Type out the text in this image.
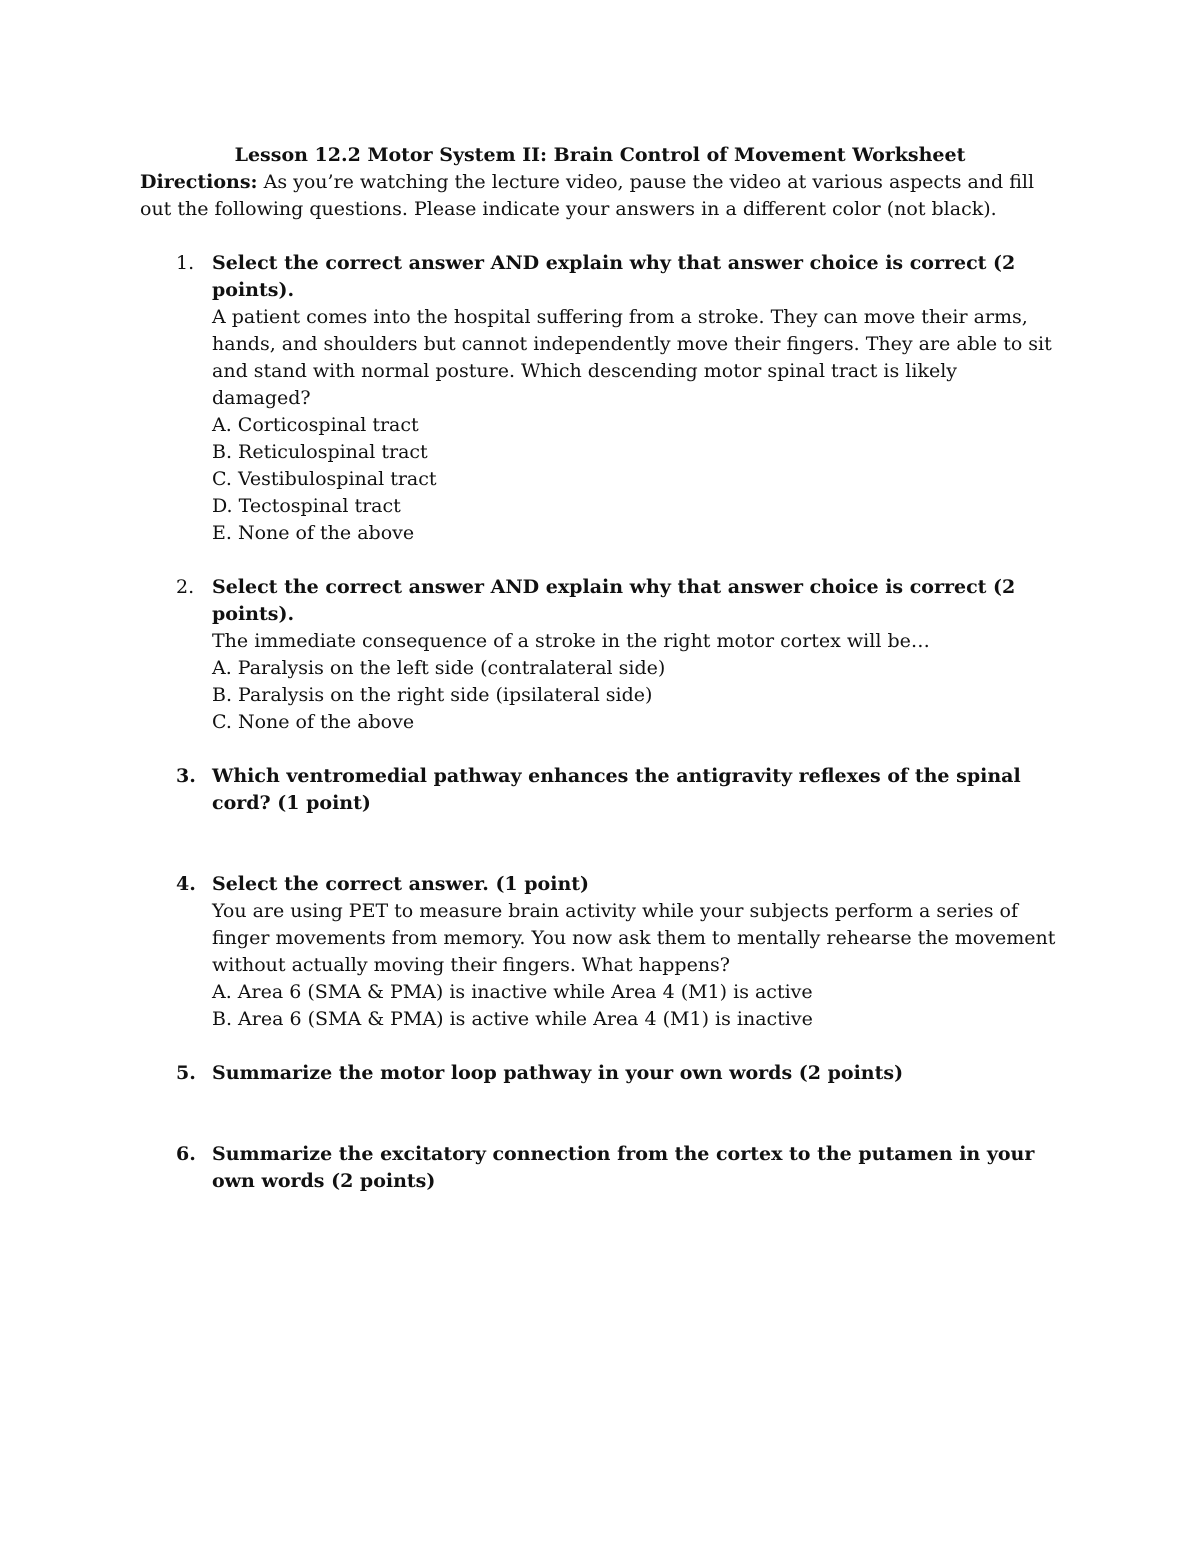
Lesson 12.2 Motor System II: Brain Control of Movement Worksheet

Directions: As you’re watching the lecture video, pause the video at various aspects and fill out the following questions. Please indicate your answers in a different color (not black).

1. Select the correct answer AND explain why that answer choice is correct (2 points).
A patient comes into the hospital suffering from a stroke. They can move their arms, hands, and shoulders but cannot independently move their fingers. They are able to sit and stand with normal posture. Which descending motor spinal tract is likely damaged?
A. Corticospinal tract
B. Reticulospinal tract
C. Vestibulospinal tract
D. Tectospinal tract
E. None of the above
2. Select the correct answer AND explain why that answer choice is correct (2 points).
The immediate consequence of a stroke in the right motor cortex will be…
A. Paralysis on the left side (contralateral side)
B. Paralysis on the right side (ipsilateral side)
C. None of the above
3. Which ventromedial pathway enhances the antigravity reflexes of the spinal cord? (1 point)
4. Select the correct answer. (1 point)
You are using PET to measure brain activity while your subjects perform a series of finger movements from memory. You now ask them to mentally rehearse the movement without actually moving their fingers. What happens?
A. Area 6 (SMA & PMA) is inactive while Area 4 (M1) is active
B. Area 6 (SMA & PMA) is active while Area 4 (M1) is inactive
5. Summarize the motor loop pathway in your own words (2 points)
6. Summarize the excitatory connection from the cortex to the putamen in your own words (2 points)
